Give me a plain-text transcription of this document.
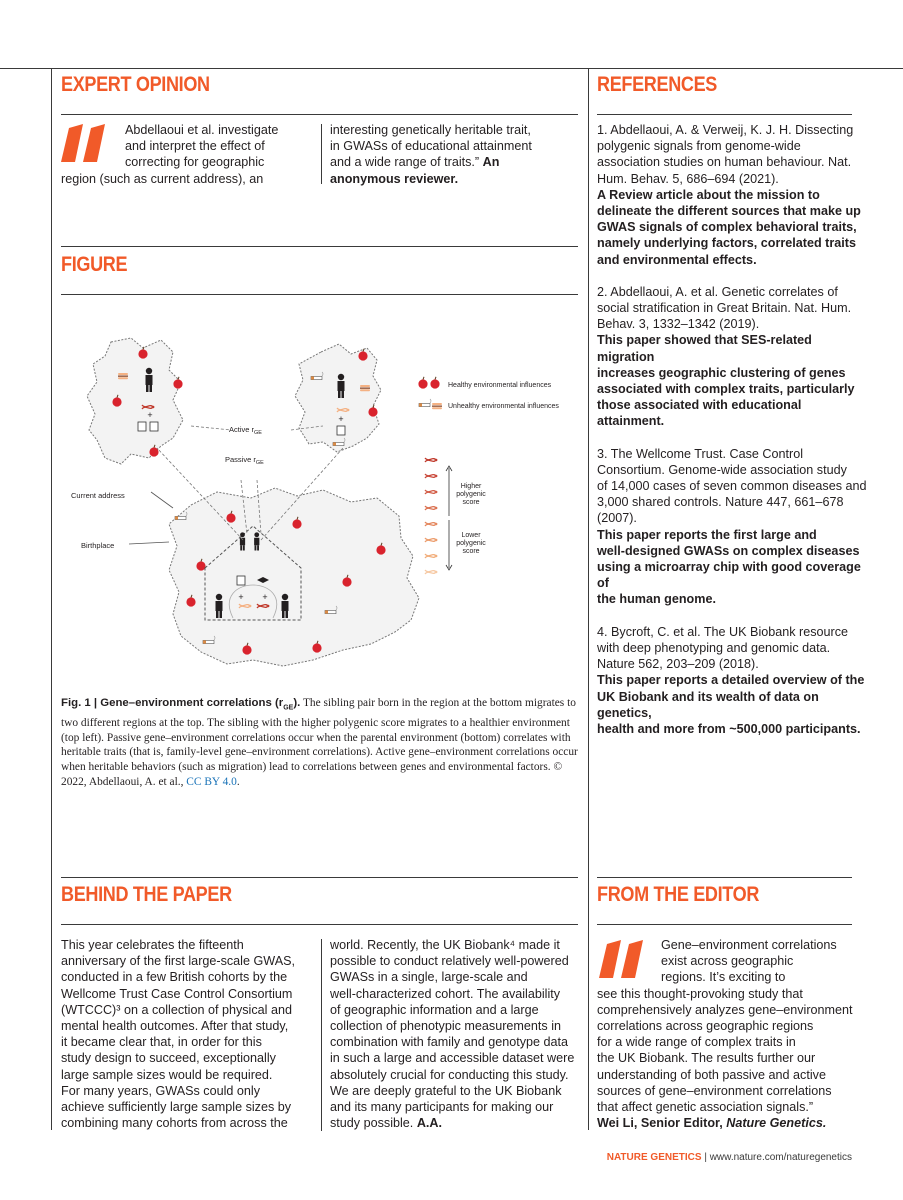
EXPERT OPINION

Abdellaoui et al. investigate

and interpret the effect of

correcting for geographic

region (such as current address), an

interesting genetically heritable trait,

in GWASs of educational attainment

and a wide range of traits.” An

anonymous reviewer.

FIGURE
+	+
+ +
Active $r_{GE}$
Passive $r_{GE}$
Current address
Birthplace
Healthy environmental influences
Unhealthy environmental influences
Higher
polygenic
score
Lower
polygenic
score
Fig. 1 | Gene–environment correlations $(r_{GE})$. The sibling pair born in the region at the bottom migrates to two different regions at the top. The sibling with the higher polygenic score migrates to a healthier environment (top left). Passive gene–environment correlations occur when the parental environment (bottom) correlates with heritable traits (that is, family-level gene–environment correlations). Active gene–environment correlations occur when heritable behaviors (such as migration) lead to correlations between genes and environmental factors. © 2022, Abdellaoui, A. et al., CC BY 4.0.
REFERENCES

1. Abdellaoui, A. & Verweij, K. J. H. Dissecting

polygenic signals from genome-wide

association studies on human behaviour. Nat.

Hum. Behav. 5, 686–694 (2021).

A Review article about the mission to

delineate the different sources that make up

GWAS signals of complex behavioral traits,

namely underlying factors, correlated traits

and environmental effects.

2. Abdellaoui, A. et al. Genetic correlates of

social stratification in Great Britain. Nat. Hum.

Behav. 3, 1332–1342 (2019).

This paper showed that SES-related migration

increases geographic clustering of genes

associated with complex traits, particularly

those associated with educational attainment.

3. The Wellcome Trust. Case Control

Consortium. Genome-wide association study

of 14,000 cases of seven common diseases and

3,000 shared controls. Nature 447, 661–678

(2007).

This paper reports the first large and

well-designed GWASs on complex diseases

using a microarray chip with good coverage of

the human genome.

4. Bycroft, C. et al. The UK Biobank resource

with deep phenotyping and genomic data.

Nature 562, 203–209 (2018).

This paper reports a detailed overview of the

UK Biobank and its wealth of data on genetics,

health and more from ~500,000 participants.

BEHIND THE PAPER

This year celebrates the fifteenth

anniversary of the first large-scale GWAS,

conducted in a few British cohorts by the

Wellcome Trust Case Control Consortium

(WTCCC)³ on a collection of physical and

mental health outcomes. After that study,

it became clear that, in order for this

study design to succeed, exceptionally

large sample sizes would be required.

For many years, GWASs could only

achieve sufficiently large sample sizes by

combining many cohorts from across the

world. Recently, the UK Biobank⁴ made it

possible to conduct relatively well-powered

GWASs in a single, large-scale and

well-characterized cohort. The availability

of geographic information and a large

collection of phenotypic measurements in

combination with family and genotype data

in such a large and accessible dataset were

absolutely crucial for conducting this study.

We are deeply grateful to the UK Biobank

and its many participants for making our

study possible. A.A.

FROM THE EDITOR

Gene–environment correlations

exist across geographic

regions. It’s exciting to

see this thought-provoking study that

comprehensively analyzes gene–environment

correlations across geographic regions

for a wide range of complex traits in

the UK Biobank. The results further our

understanding of both passive and active

sources of gene–environment correlations

that affect genetic association signals.”

Wei Li, Senior Editor, Nature Genetics.

NATURE GENETICS | www.nature.com/naturegenetics
